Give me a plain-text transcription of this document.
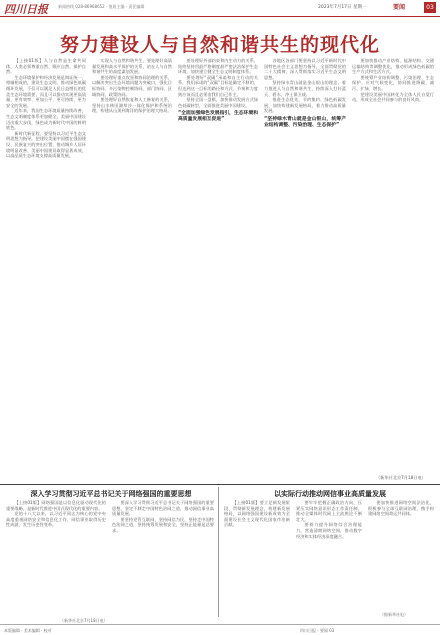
四川日报	新闻热线 028-86968652 · 值班主编 · 责任编辑	2023年7月17日 星期一	要闻	03
努力建设人与自然和谐共生的现代化

【上接01版】人与自然是生命共同体，人类必须尊重自然、顺应自然、保护自然。

生态环境保护和经济发展是辩证统一、相辅相成的，建设生态文明、推动绿色低碳循环发展，不仅可以满足人民日益增长的优美生态环境需要，而且可以推动实现更高质量、更有效率、更加公平、更可持续、更为安全的发展。

近年来，我国生态环境质量持续改善，生态文明制度体系更加健全，美丽中国建设迈出重大步伐，绿色成为新时代中国的鲜明底色。

新时代新征程，要坚持以习近平生态文明思想为指导，把建设美丽中国摆在强国建设、民族复兴的突出位置，推动城乡人居环境明显改善、美丽中国建设取得显著成效，以高品质生态环境支撑高质量发展。

实现人与自然和谐共生，要处理好高质量发展和高水平保护的关系，站在人与自然和谐共生的高度谋划发展。

要处理好重点攻坚和协同治理的关系，以解决突出生态环境问题为突破口，强化目标协同、多污染物控制协同、部门协同、区域协同、政策协同。

要处理好自然恢复和人工修复的关系，坚持山水林田湖草沙一体化保护和系统治理，构建从山顶到海洋的保护治理大格局。

要处理好外部约束和内生动力的关系，始终坚持用最严格制度最严密法治保护生态环境，加快建立健全生态文明制度体系。

要处理好“双碳”承诺和自主行动的关系，我们承诺的“双碳”目标是确定不移的，但达到这一目标的路径和方式、节奏和力度则应该而且必须由我们自己作主。

坚持全国一盘棋，加快推动发展方式绿色低碳转型，全面推进美丽中国建设。

“全面加强绿色发展指引，生态环境和高质量发展相互促进”

各地区各部门要坚持以习近平新时代中国特色社会主义思想为指导，全面贯彻党的二十大精神，深入贯彻落实习近平生态文明思想。

坚持绿水青山就是金山银山的理念，着力推进人与自然和谐共生，持续深入打好蓝天、碧水、净土保卫战。

推进生态优先、节约集约、绿色低碳发展，加快构建新发展格局，着力推动高质量发展。

“坚持绿水青山就是金山银山，统筹产业结构调整、污染治理、生态保护”

要加快推动产业结构、能源结构、交通运输结构等调整优化，推动形成绿色低碳的生产方式和生活方式。

要统筹产业结构调整、污染治理、生态保护、应对气候变化，协同推进降碳、减污、扩绿、增长。

把建设美丽中国转化为全体人民自觉行动，形成全社会共同参与的良好风尚。

（新华社北京7月18日电）
深入学习贯彻习近平总书记关于网络强国的重要思想	以实际行动推动网信事业高质量发展

【上接01版】网络强国是以信息化驱动现代化的重要战略，是新时代推进中国式现代化的重要内容。

党的十八大以来，以习近平同志为核心的党中央高度重视网络安全和信息化工作，网信事业取得历史性成就、发生历史性变革。

要深入学习贯彻习近平总书记关于网络强国的重要思想，坚定不移走中国特色治网之道，推动网信事业高质量发展。

要坚持党管互联网，坚持网信为民，坚持走中国特色治网之道，坚持统筹发展和安全，坚持正能量是总要求。

（新华社北京7月18日电）

【上接01版】要立足新发展阶段、贯彻新发展理念、构建新发展格局，以网络强国建设新成效为全面建设社会主义现代化国家作出新贡献。

要牢牢把握正确政治方向，压紧压实网络意识形态工作责任制，推动全媒体时代网上主流舆论不断壮大。

要着力提升网络综合治理能力，营造清朗网络空间，推动数字经济和实体经济深度融合。

要加快推进网络空间法治化，积极参与全球互联网治理，携手构建网络空间命运共同体。

（据新华社电）
本版编辑 · 美术编辑 · 校对	四川日报 · 要闻 03
